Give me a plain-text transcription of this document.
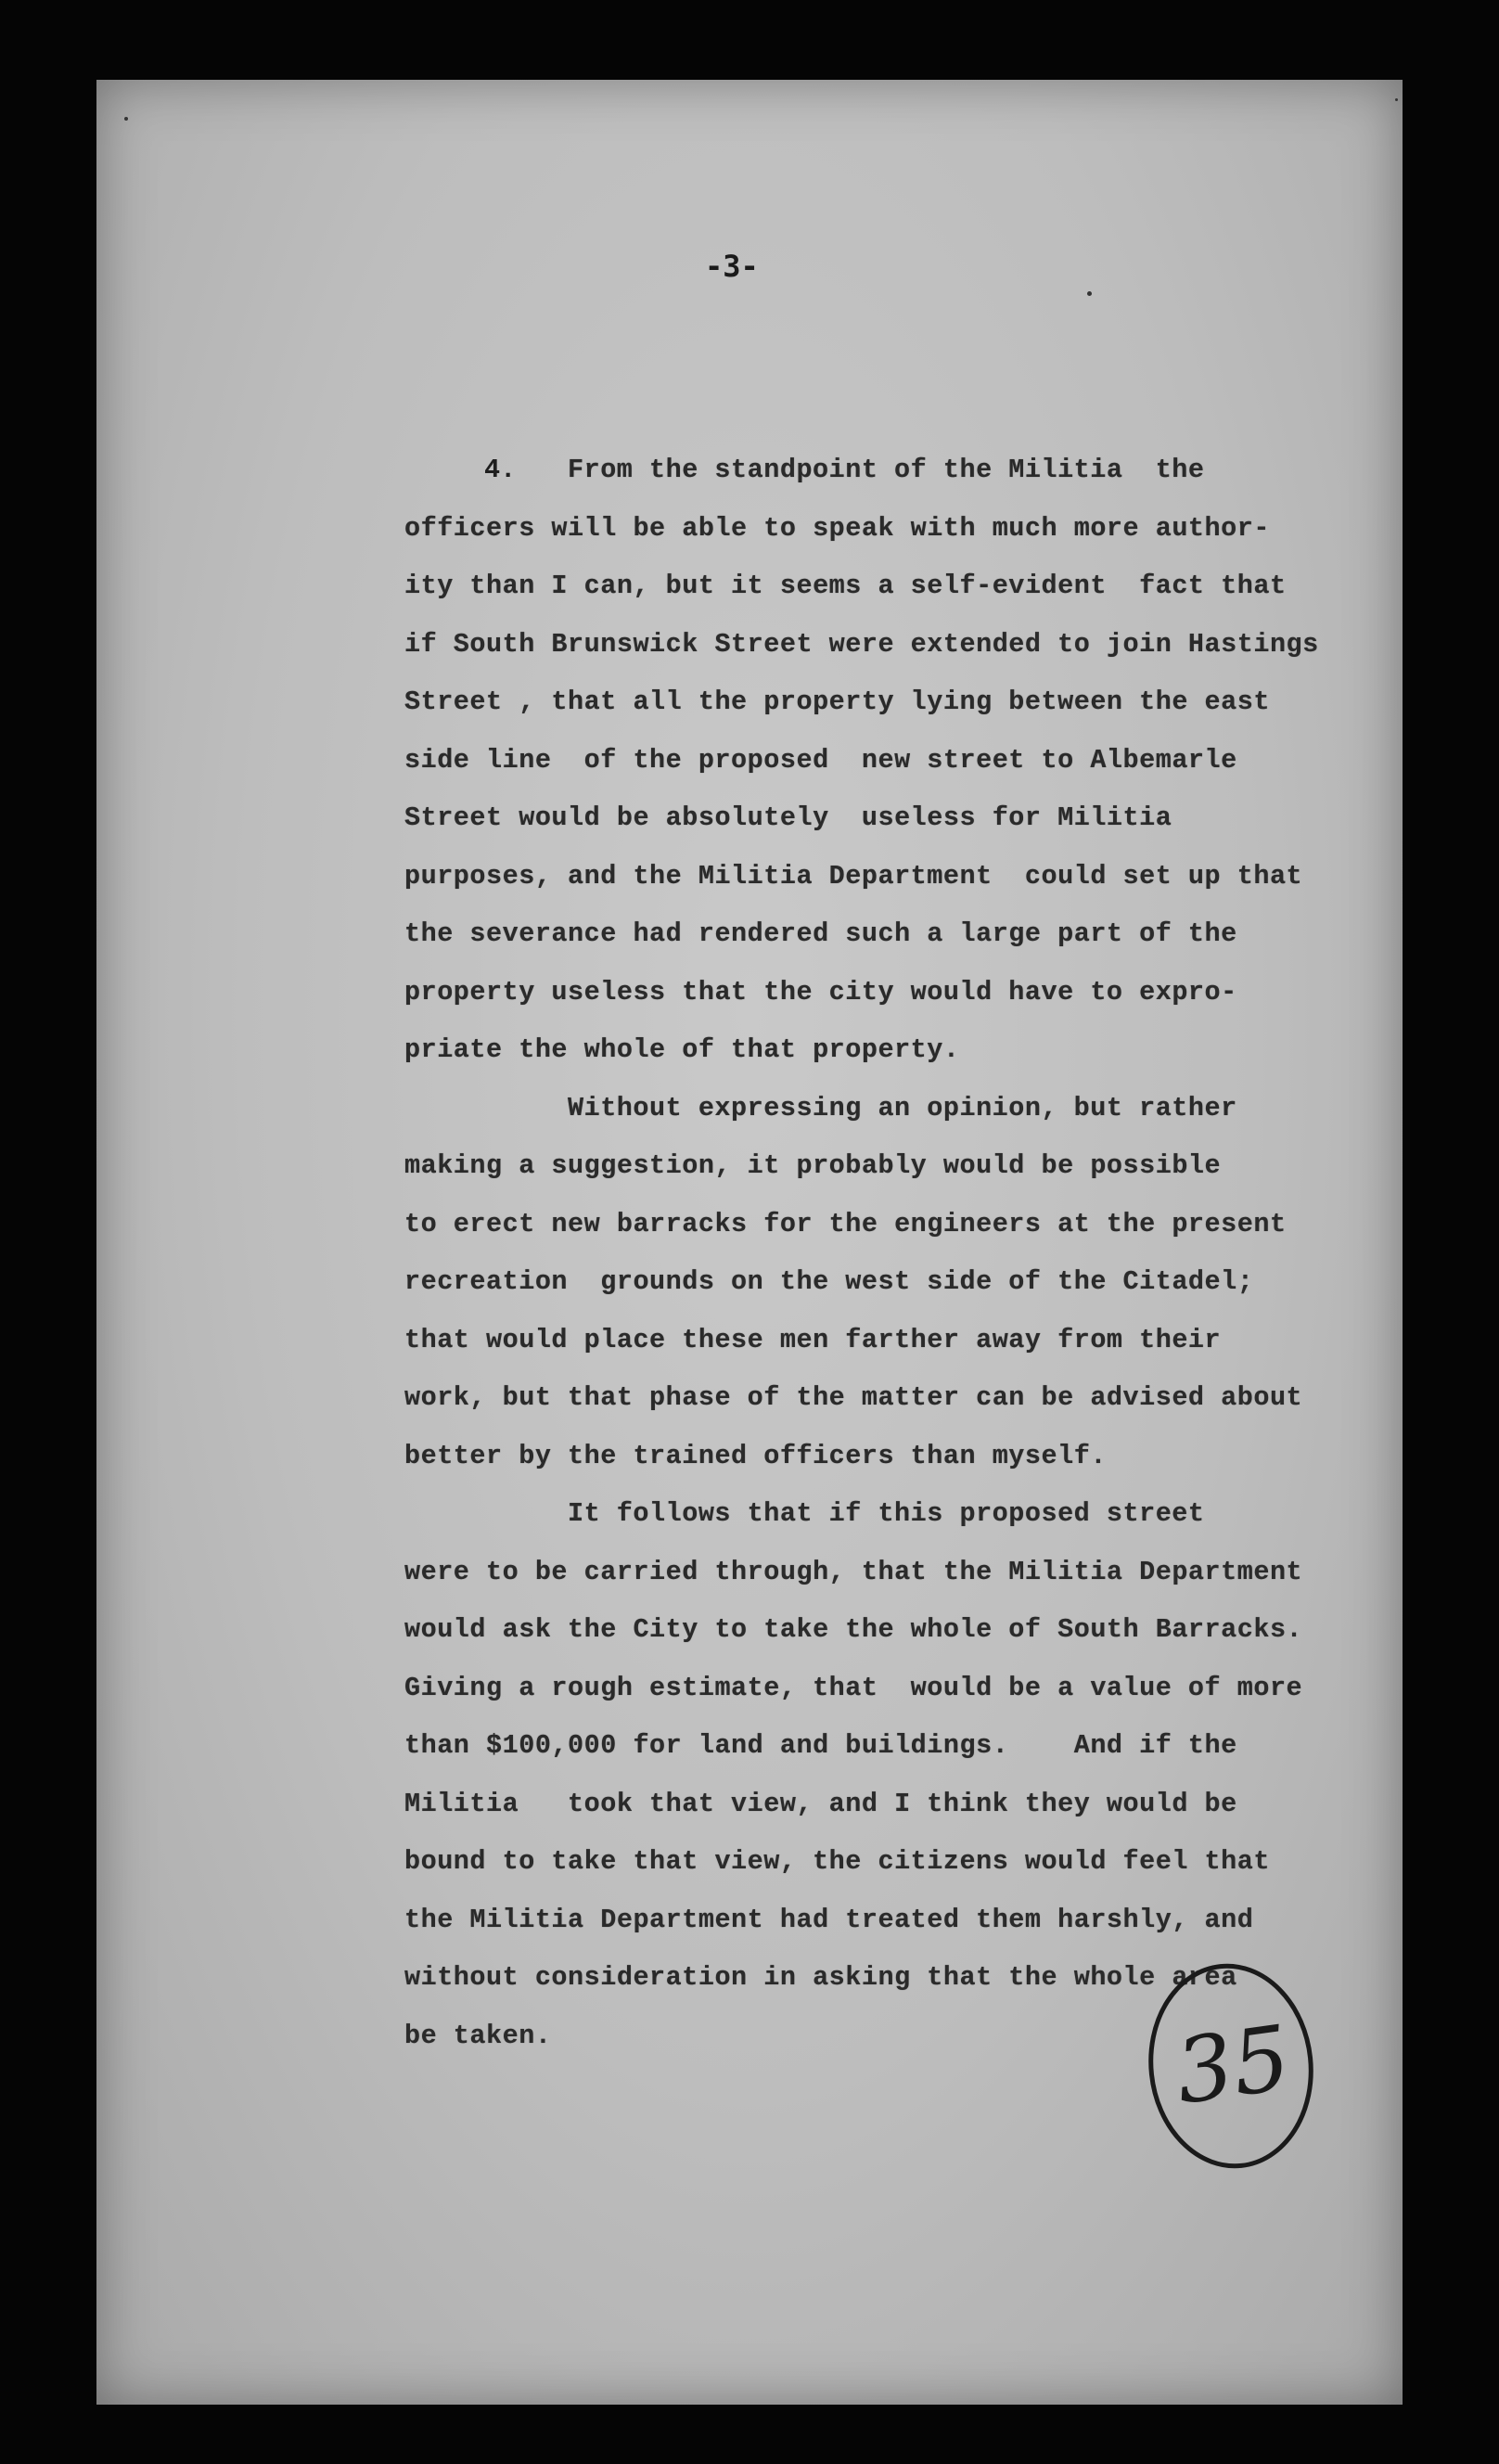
-3-
4. From the standpoint of the Militia  the
officers will be able to speak with much more author-
ity than I can, but it seems a self-evident  fact that
if South Brunswick Street were extended to join Hastings
Street , that all the property lying between the east
side line  of the proposed  new street to Albemarle
Street would be absolutely  useless for Militia
purposes, and the Militia Department  could set up that
the severance had rendered such a large part of the
property useless that the city would have to expro-
priate the whole of that property.
Without expressing an opinion, but rather
making a suggestion, it probably would be possible
to erect new barracks for the engineers at the present
recreation  grounds on the west side of the Citadel;
that would place these men farther away from their
work, but that phase of the matter can be advised about
better by the trained officers than myself.
It follows that if this proposed street
were to be carried through, that the Militia Department
would ask the City to take the whole of South Barracks.
Giving a rough estimate, that  would be a value of more
than $100,000 for land and buildings.    And if the
Militia   took that view, and I think they would be
bound to take that view, the citizens would feel that
the Militia Department had treated them harshly, and
without consideration in asking that the whole area
be taken.	35
